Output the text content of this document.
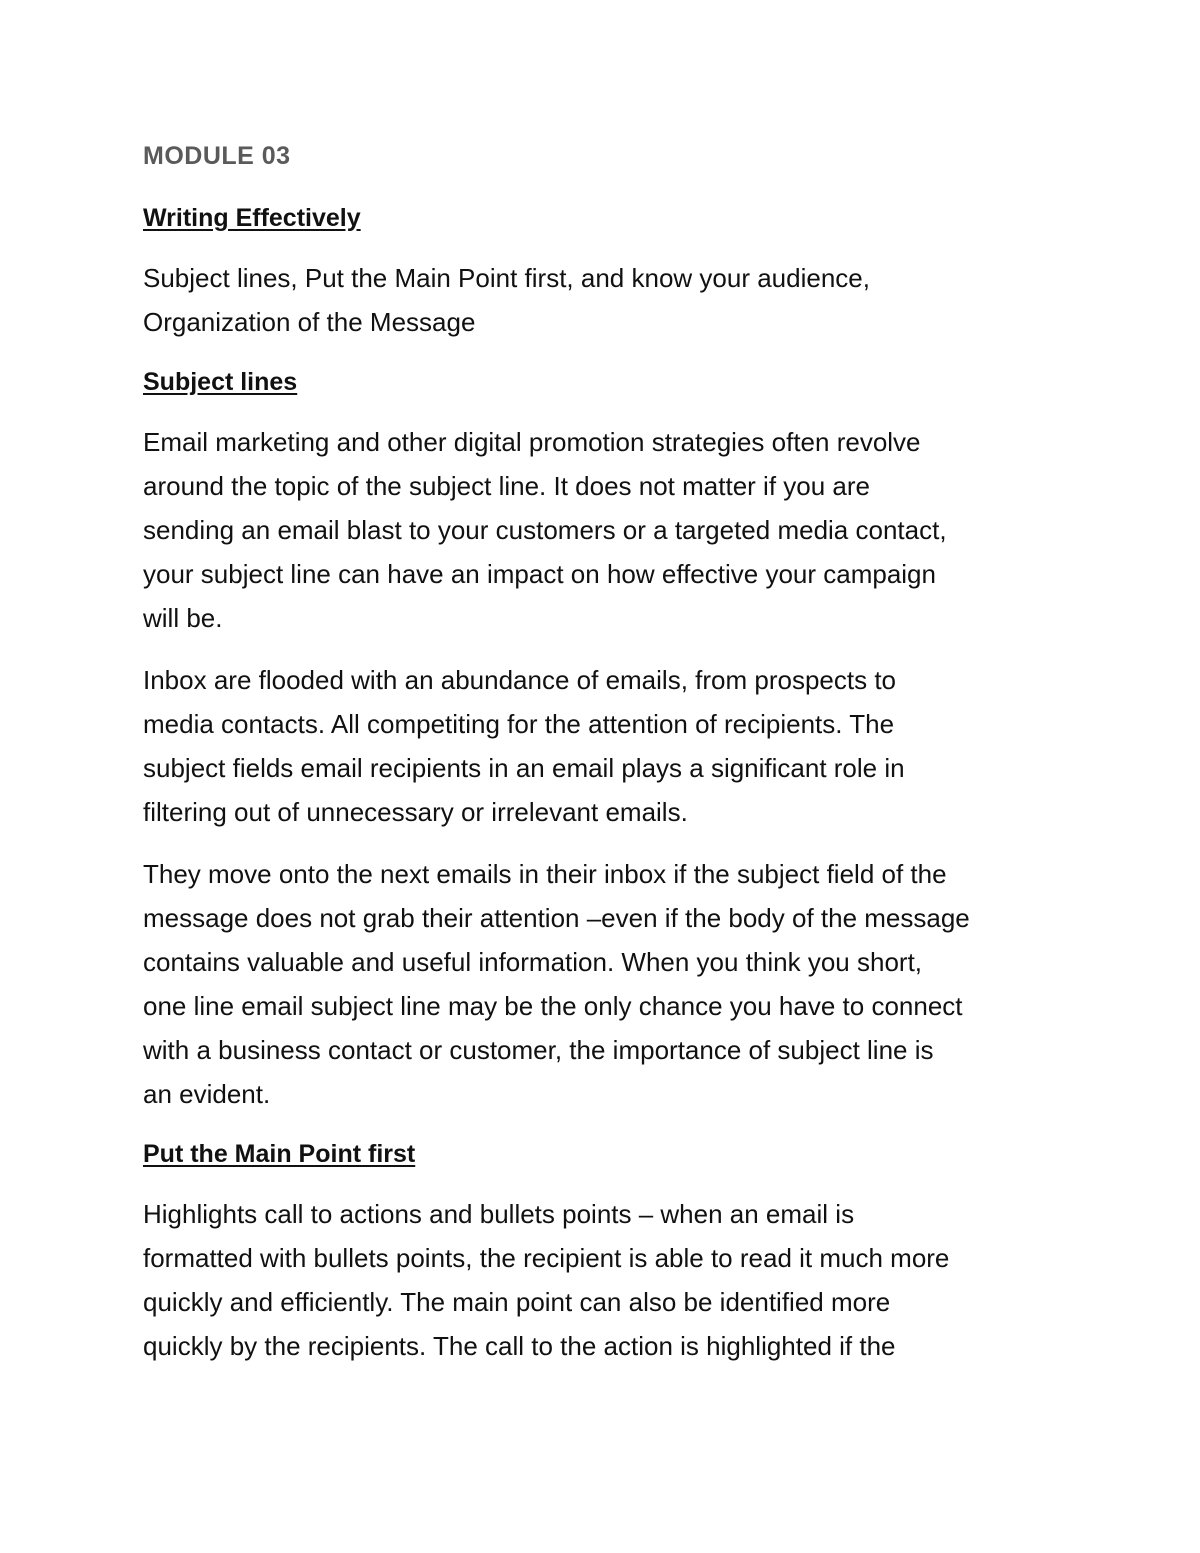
MODULE 03
Writing Effectively

Subject lines, Put the Main Point first, and know your audience,
Organization of the Message

Subject lines

Email marketing and other digital promotion strategies often revolve
around the topic of the subject line. It does not matter if you are
sending an email blast to your customers or a targeted media contact,
your subject line can have an impact on how effective your campaign
will be.

Inbox are flooded with an abundance of emails, from prospects to
media contacts. All competiting for the attention of recipients. The
subject fields email recipients in an email plays a significant role in
filtering out of unnecessary or irrelevant emails.

They move onto the next emails in their inbox if the subject field of the
message does not grab their attention –even if the body of the message
contains valuable and useful information. When you think you short,
one line email subject line may be the only chance you have to connect
with a business contact or customer, the importance of subject line is
an evident.

Put the Main Point first

Highlights call to actions and bullets points – when an email is
formatted with bullets points, the recipient is able to read it much more
quickly and efficiently. The main point can also be identified more
quickly by the recipients. The call to the action is highlighted if the
